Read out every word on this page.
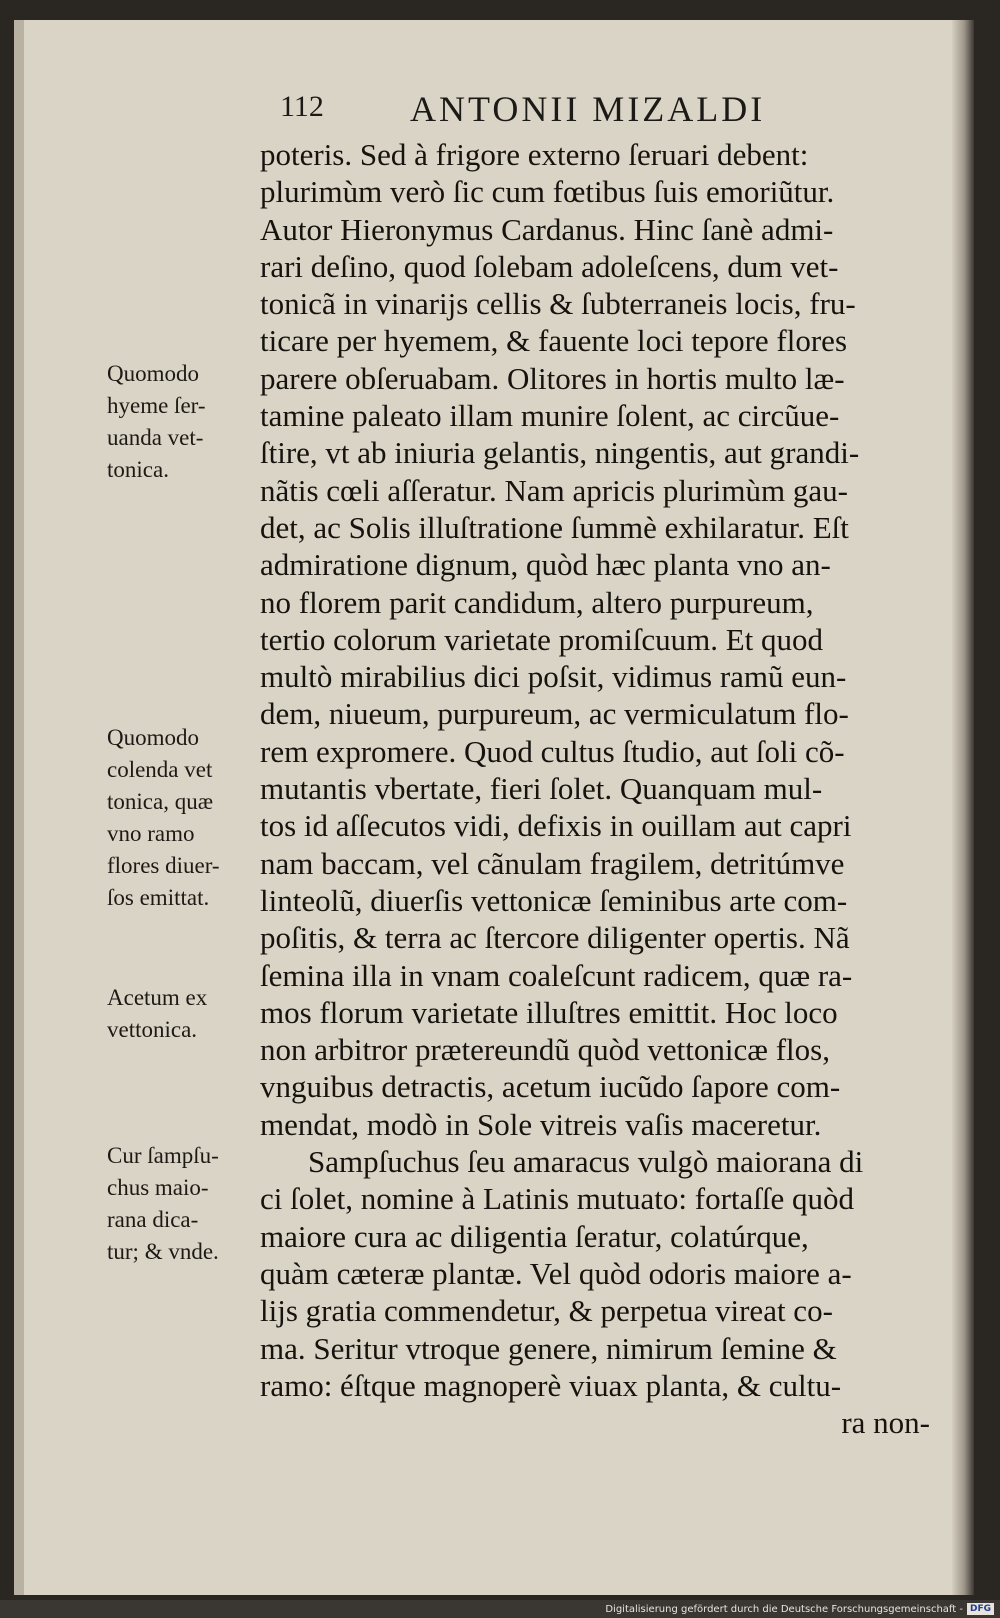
112 ANTONII MIZALDI
poteris. Sed à frigore externo ſeruari debent:
plurimùm verò ſic cum fœtibus ſuis emoriũtur.
Autor Hieronymus Cardanus. Hinc ſanè admi-
rari deſino, quod ſolebam adoleſcens, dum vet-
tonicã in vinarijs cellis & ſubterraneis locis, fru-
ticare per hyemem, & fauente loci tepore flores
parere obſeruabam. Olitores in hortis multo læ-
tamine paleato illam munire ſolent, ac circũue-
ſtire, vt ab iniuria gelantis, ningentis, aut grandi-
nãtis cœli aſſeratur. Nam apricis plurimùm gau-
det, ac Solis illuſtratione ſummè exhilaratur. Eſt
admiratione dignum, quòd hæc planta vno an-
no florem parit candidum, altero purpureum,
tertio colorum varietate promiſcuum. Et quod
multò mirabilius dici poſsit, vidimus ramũ eun-
dem, niueum, purpureum, ac vermiculatum flo-
rem expromere. Quod cultus ſtudio, aut ſoli cõ-
mutantis vbertate, fieri ſolet. Quanquam mul-
tos id aſſecutos vidi, defixis in ouillam aut capri
nam baccam, vel cãnulam fragilem, detritúmve
linteolũ, diuerſis vettonicæ ſeminibus arte com-
poſitis, & terra ac ſtercore diligenter opertis. Nã
ſemina illa in vnam coaleſcunt radicem, quæ ra-
mos florum varietate illuſtres emittit. Hoc loco
non arbitror prætereundũ quòd vettonicæ flos,
vnguibus detractis, acetum iucũdo ſapore com-
mendat, modò in Sole vitreis vaſis maceretur.
Sampſuchus ſeu amaracus vulgò maiorana di
ci ſolet, nomine à Latinis mutuato: fortaſſe quòd
maiore cura ac diligentia ſeratur, colatúrque,
quàm cæteræ plantæ. Vel quòd odoris maiore a-
lijs gratia commendetur, & perpetua vireat co-
ma. Seritur vtroque genere, nimirum ſemine &
ramo: éſtque magnoperè viuax planta, & cultu-
ra non-
Quomodo
hyeme ſer-
uanda vet-
tonica.
Quomodo
colenda vet
tonica, quæ
vno ramo
flores diuer-
ſos emittat.
Acetum ex
vettonica.
Cur ſampſu-
chus maio-
rana dica-
tur; & vnde.
Digitalisierung gefördert durch die Deutsche Forschungsgemeinschaft - DFG
